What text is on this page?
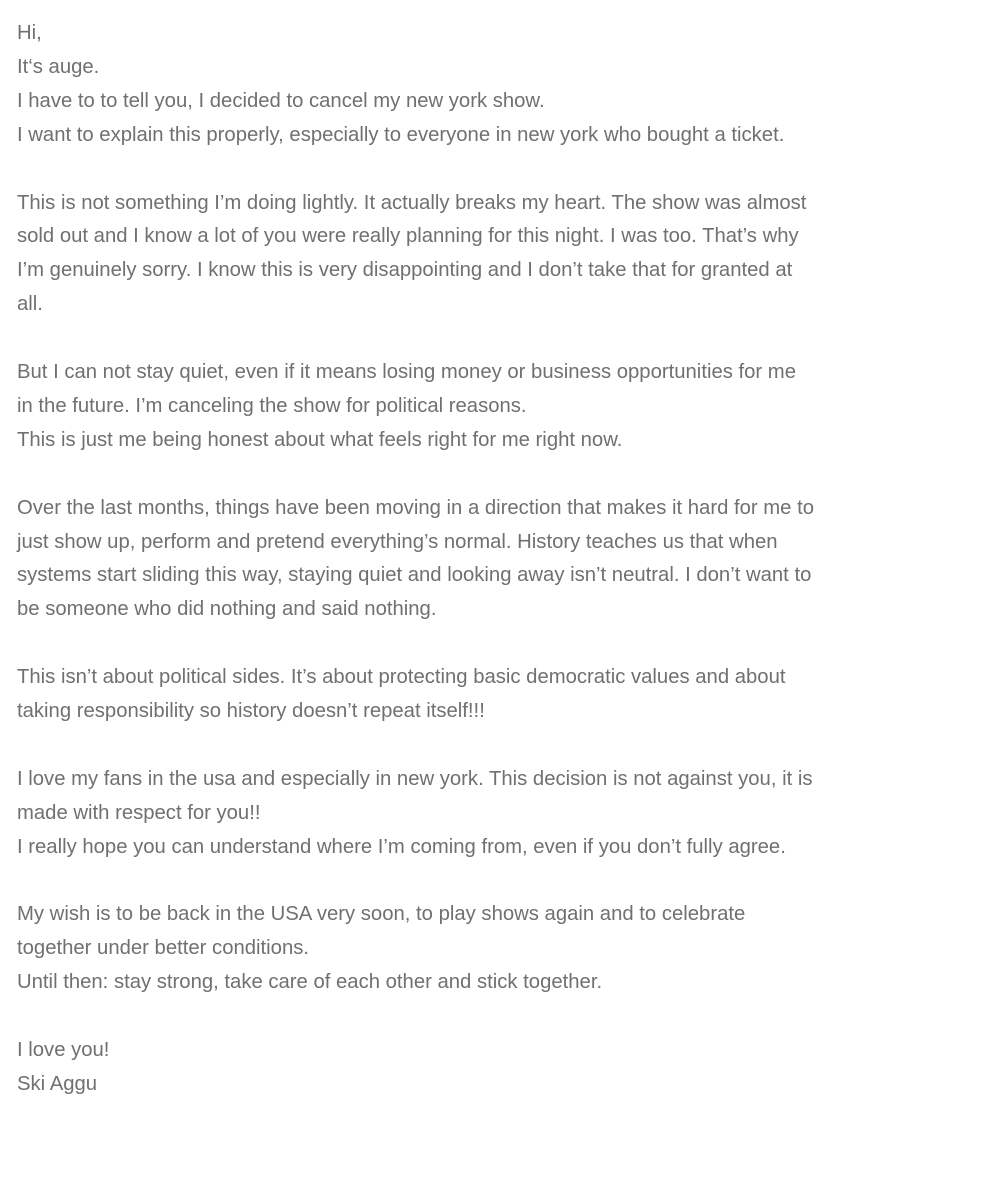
Hi,
It‘s auge.
I have to to tell you, I decided to cancel my new york show.
I want to explain this properly, especially to everyone in new york who bought a ticket.
This is not something I’m doing lightly. It actually breaks my heart. The show was almost sold out and I know a lot of you were really planning for this night. I was too. That’s why I’m genuinely sorry. I know this is very disappointing and I don’t take that for granted at all.
But I can not stay quiet, even if it means losing money or business opportunities for me in the future. I’m canceling the show for political reasons.
This is just me being honest about what feels right for me right now.
Over the last months, things have been moving in a direction that makes it hard for me to just show up, perform and pretend everything’s normal. History teaches us that when systems start sliding this way, staying quiet and looking away isn’t neutral. I don’t want to be someone who did nothing and said nothing.
This isn’t about political sides. It’s about protecting basic democratic values and about taking responsibility so history doesn’t repeat itself!!!
I love my fans in the usa and especially in new york. This decision is not against you, it is made with respect for you!!
I really hope you can understand where I’m coming from, even if you don’t fully agree.
My wish is to be back in the USA very soon, to play shows again and to celebrate together under better conditions.
Until then: stay strong, take care of each other and stick together.
I love you!
Ski Aggu
